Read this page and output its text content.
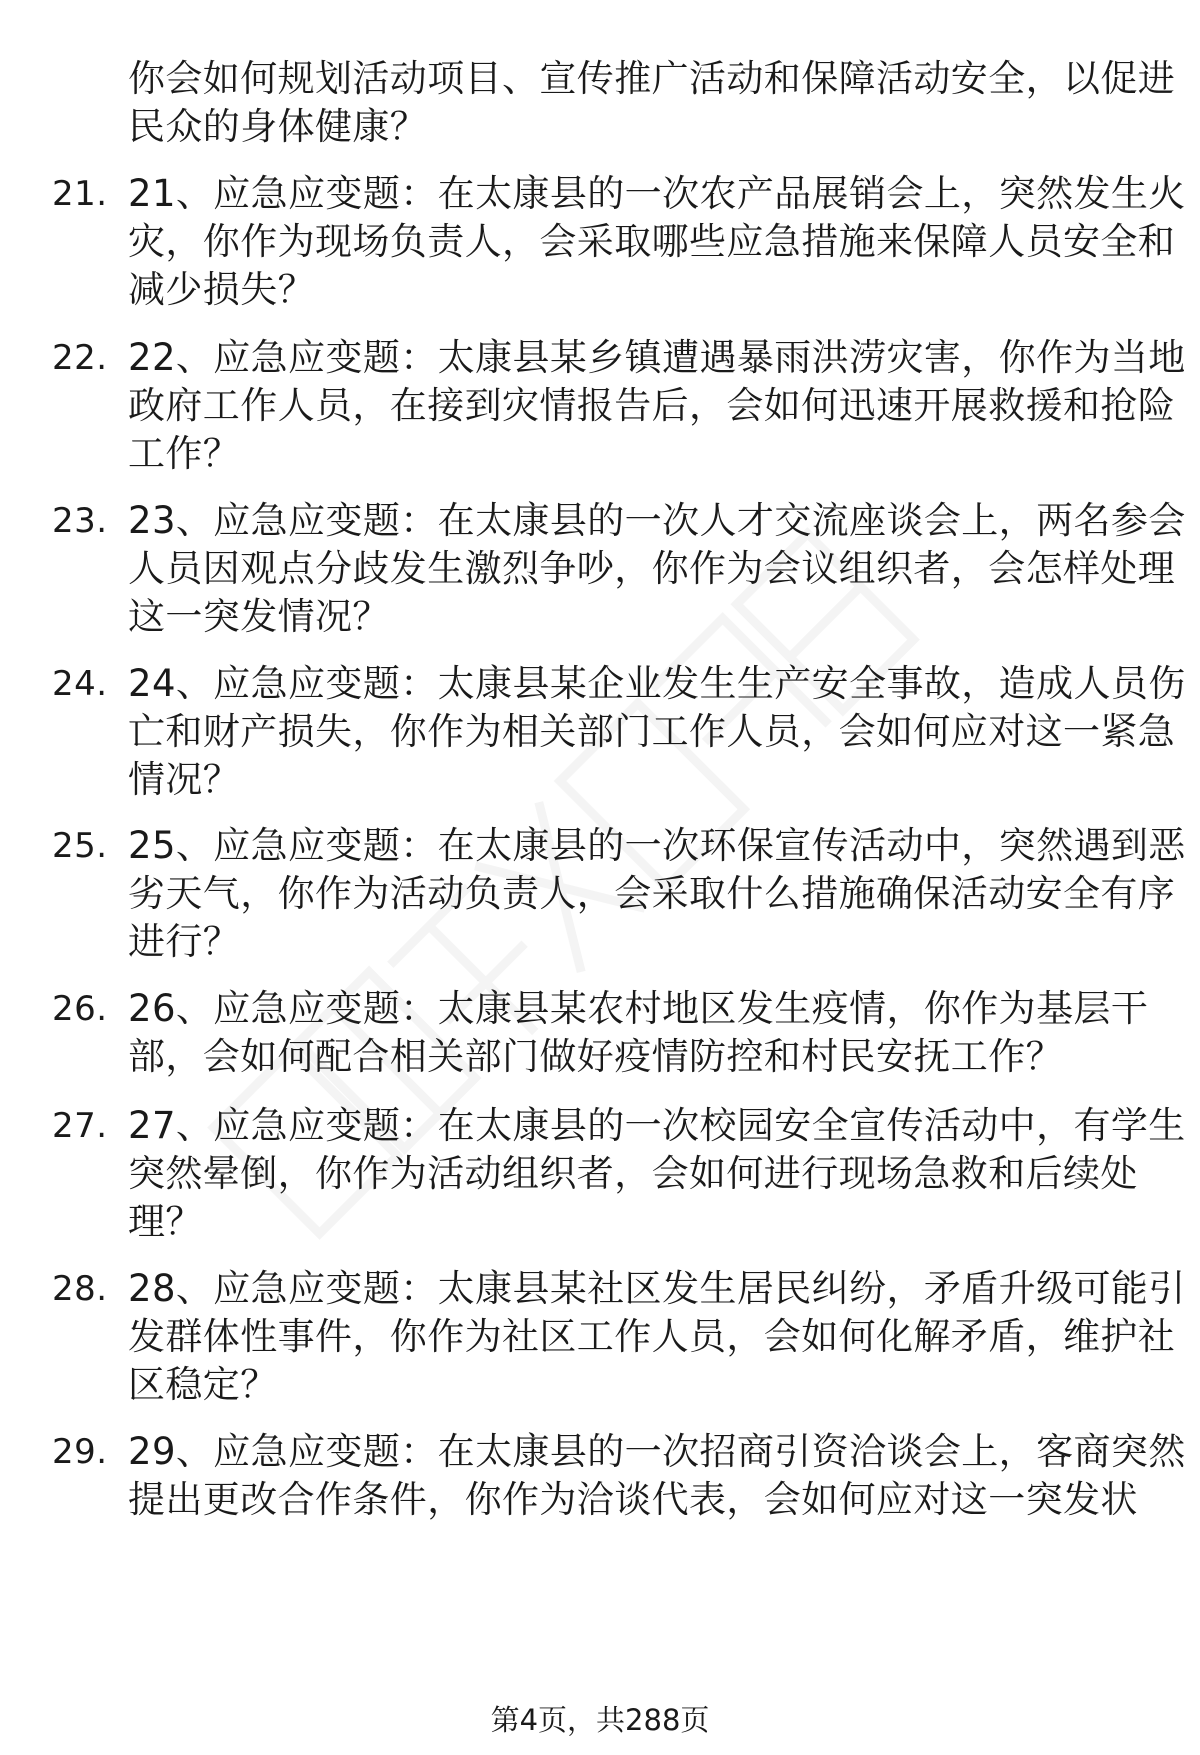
你会如何规划活动项目、宣传推广活动和保障活动安全，以促进民众的身体健康？
21. 21、应急应变题：在太康县的一次农产品展销会上，突然发生火灾，你作为现场负责人，会采取哪些应急措施来保障人员安全和减少损失？
22. 22、应急应变题：太康县某乡镇遭遇暴雨洪涝灾害，你作为当地政府工作人员，在接到灾情报告后，会如何迅速开展救援和抢险工作？
23. 23、应急应变题：在太康县的一次人才交流座谈会上，两名参会人员因观点分歧发生激烈争吵，你作为会议组织者，会怎样处理这一突发情况？
24. 24、应急应变题：太康县某企业发生生产安全事故，造成人员伤亡和财产损失，你作为相关部门工作人员，会如何应对这一紧急情况？
25. 25、应急应变题：在太康县的一次环保宣传活动中，突然遇到恶劣天气，你作为活动负责人，会采取什么措施确保活动安全有序进行？
26. 26、应急应变题：太康县某农村地区发生疫情，你作为基层干部，会如何配合相关部门做好疫情防控和村民安抚工作？
27. 27、应急应变题：在太康县的一次校园安全宣传活动中，有学生突然晕倒，你作为活动组织者，会如何进行现场急救和后续处理？
28. 28、应急应变题：太康县某社区发生居民纠纷，矛盾升级可能引发群体性事件，你作为社区工作人员，会如何化解矛盾，维护社区稳定？
29. 29、应急应变题：在太康县的一次招商引资洽谈会上，客商突然提出更改合作条件，你作为洽谈代表，会如何应对这一突发状
第4页，共288页
